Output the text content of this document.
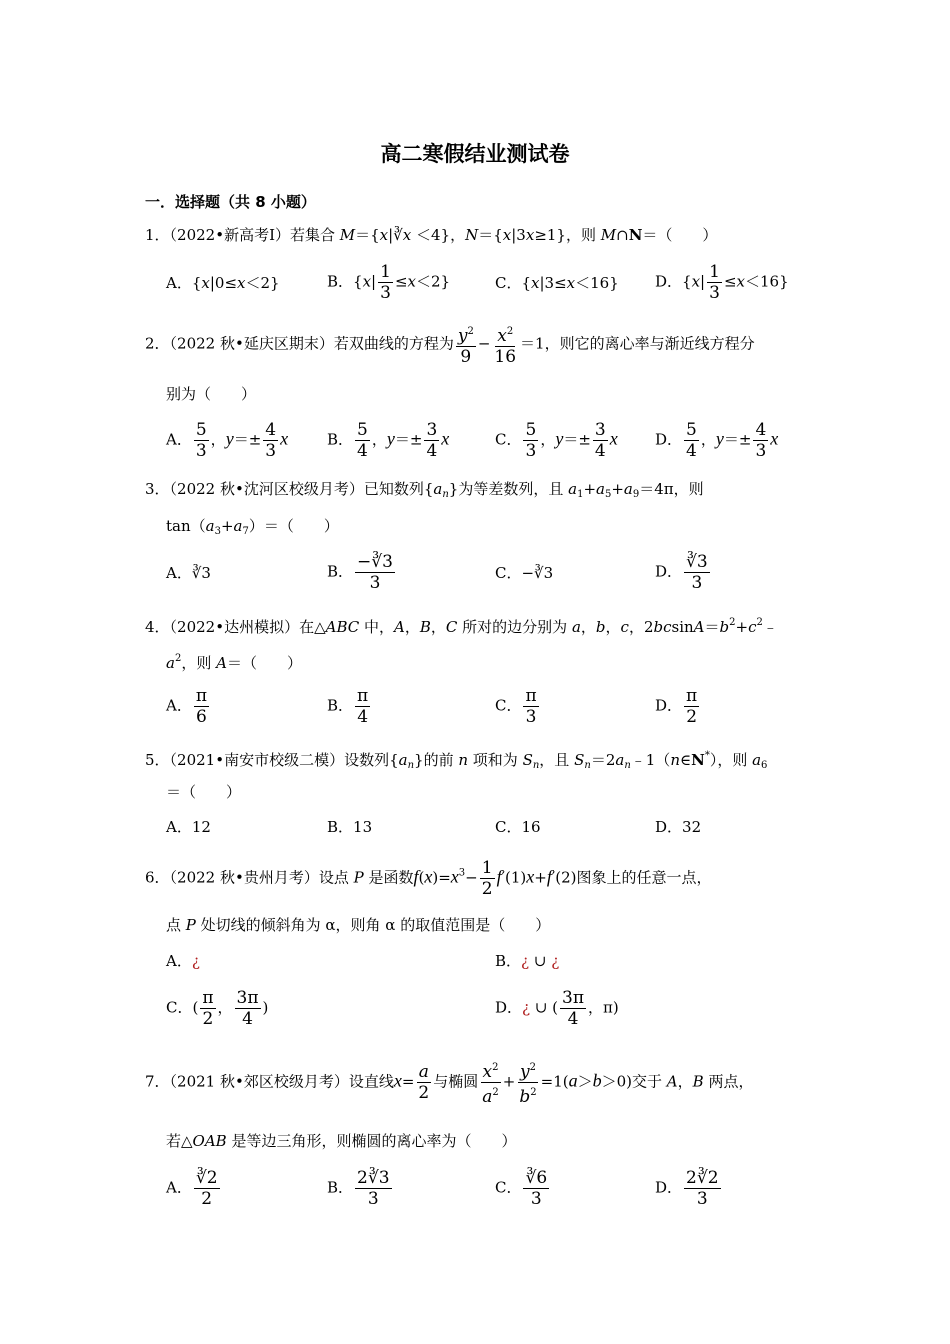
高二寒假结业测试卷
一．选择题（共 8 小题）
1．（2022•新高考Ⅰ）若集合 M＝{x|∛x ＜4}，N＝{x|3x≥1}，则 M∩N＝（　　）
A．{x|0≤x＜2}	B．$\{x| \frac{1}{3} \le x<2\}$	C．{x|3≤x＜16} D．$\{x| \frac{1}{3} \le x<16\}$
2．（2022 秋•延庆区期末）若双曲线的方程为 $\frac{y^2}{9} - \frac{x^2}{16} =1$，则它的离心率与渐近线方程分
别为（　　）
A． $\frac{5}{3}$ ，$y=\pm \frac{4}{3}$ x	B． $\frac{5}{4}$ ，$y=\pm \frac{3}{4}$ x	C． $\frac{5}{3}$ ，$y=\pm \frac{3}{4}$ x D． $\frac{5}{4}$ ，$y=\pm \frac{4}{3}$ x
3．（2022 秋•沈河区校级月考）已知数列$\{a_n\}$为等差数列，且 $a_1+a_5+a_9=4\pi$，则
$\tan(a_3+a_7)=$（　　）
A．∛3	B． $\frac{-∛3}{3}$	C．−∛3	D． $\frac{∛3}{3}$
4．（2022•达州模拟）在△ABC 中，A，B，C 所对的边分别为 a，b，c，$2bcsinA=b^2+c^2﹣$
$a^2$，则 A＝（　　）
A． $\frac{\pi}{6}$	B． $\frac{\pi}{4}$	C． $\frac{\pi}{3}$	D． $\frac{\pi}{2}$
5．（2021•南安市校级二模）设数列$\{a_n\}$的前 n 项和为 $S_n$，且 $S_n=2a_n﹣1(n\in N^*)$，则 $a_6$
＝（　　）
A．12	B．13	C．16	D．32
6．（2022 秋•贵州月考）设点 P 是函数$f(x)=x^3- \frac{1}{2} f'(1)x+f'(2)$图象上的任意一点，
点 P 处切线的倾斜角为 α，则角 α 的取值范围是（　　）
A．¿	B．¿ ∪ ¿
C．( $\frac{\pi}{2}$ ， $\frac{3\pi}{4}$ )	D．¿ ∪ ( $\frac{3\pi}{4}$ ，π)
7．（2021 秋•郊区校级月考）设直线$x= \frac{a}{2}$ 与椭圆 $\frac{x^2}{a^2} + \frac{y^2}{b^2} =1(a>b>0)$交于 A，B 两点，
若△OAB 是等边三角形，则椭圆的离心率为（　　）
A． $\frac{∛2}{2}$	B． $\frac{2∛3}{3}$	C． $\frac{∛6}{3}$	D． $\frac{2∛2}{3}$
